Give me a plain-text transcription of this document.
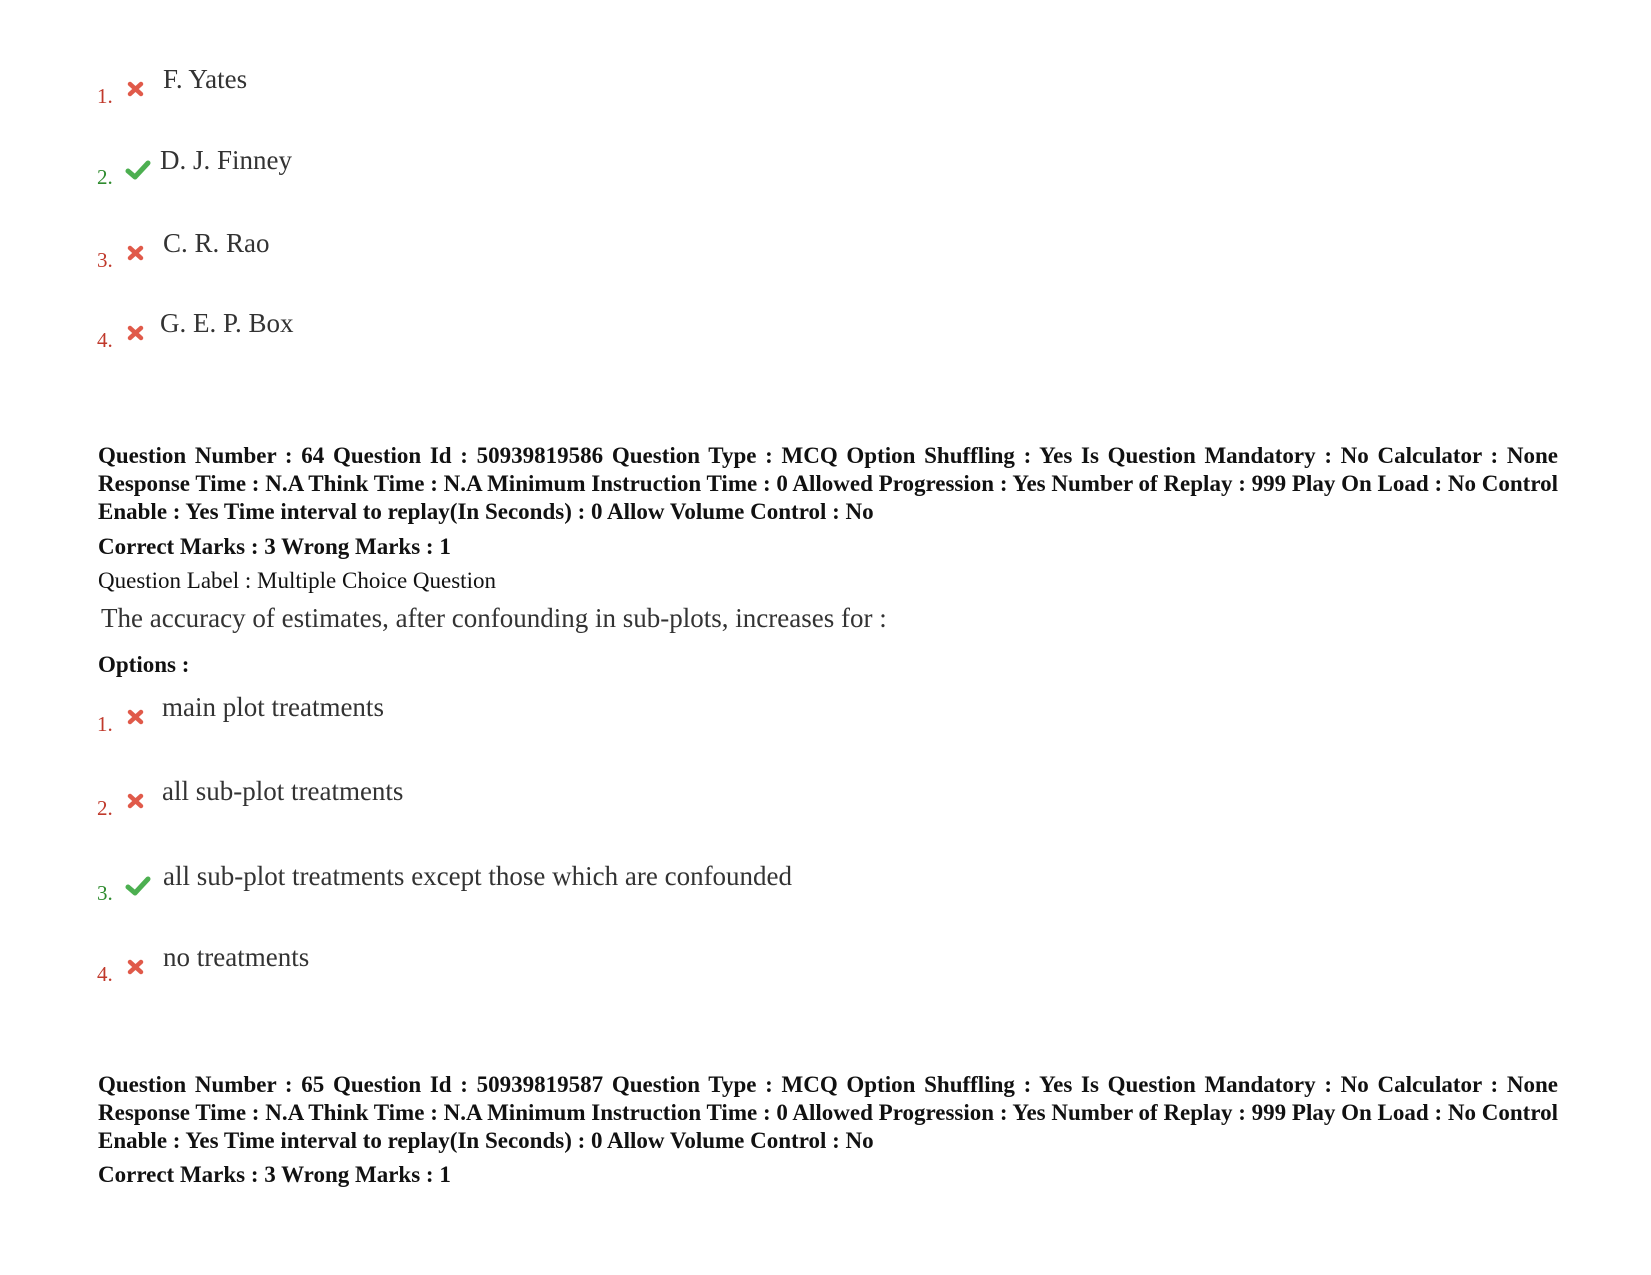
1.
F. Yates
2.
D. J. Finney
3.
C. R. Rao
4.
G. E. P. Box
Question Number : 64 Question Id : 50939819586 Question Type : MCQ Option Shuffling : Yes Is Question Mandatory : No Calculator : None Response Time : N.A Think Time : N.A Minimum Instruction Time : 0 Allowed Progression : Yes Number of Replay : 999 Play On Load : No Control Enable : Yes Time interval to replay(In Seconds) : 0 Allow Volume Control : No
Correct Marks : 3 Wrong Marks : 1
Question Label : Multiple Choice Question
The accuracy of estimates, after confounding in sub-plots, increases for :
Options :
1.
main plot treatments
2.
all sub-plot treatments
3.
all sub-plot treatments except those which are confounded
4.
no treatments
Question Number : 65 Question Id : 50939819587 Question Type : MCQ Option Shuffling : Yes Is Question Mandatory : No Calculator : None Response Time : N.A Think Time : N.A Minimum Instruction Time : 0 Allowed Progression : Yes Number of Replay : 999 Play On Load : No Control Enable : Yes Time interval to replay(In Seconds) : 0 Allow Volume Control : No
Correct Marks : 3 Wrong Marks : 1
